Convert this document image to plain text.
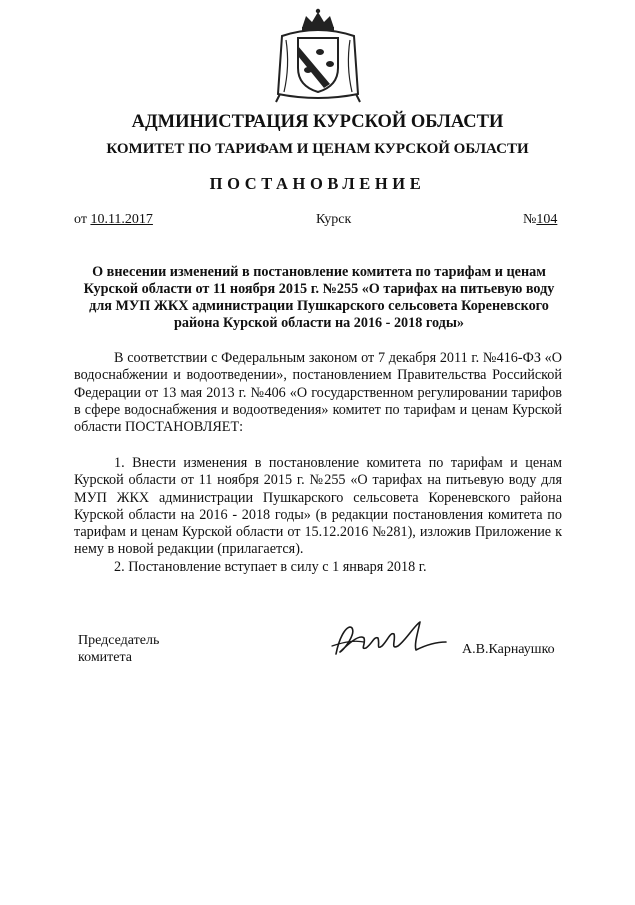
АДМИНИСТРАЦИЯ КУРСКОЙ ОБЛАСТИ
КОМИТЕТ ПО ТАРИФАМ И ЦЕНАМ КУРСКОЙ ОБЛАСТИ
ПОСТАНОВЛЕНИЕ
от 10.11.2017	Курск	№104
О внесении изменений в постановление комитета по тарифам и ценам Курской области от 11 ноября 2015 г. №255 «О тарифах на питьевую воду для МУП ЖКХ администрации Пушкарского сельсовета Кореневского района Курской области на 2016 - 2018 годы»

В соответствии с Федеральным законом от 7 декабря 2011 г. №416-ФЗ «О водоснабжении и водоотведении», постановлением Правительства Российской Федерации от 13 мая 2013 г. №406 «О государственном регулировании тарифов в сфере водоснабжения и водоотведения» комитет по тарифам и ценам Курской области ПОСТАНОВЛЯЕТ:

1. Внести изменения в постановление комитета по тарифам и ценам Курской области от 11 ноября 2015 г. №255 «О тарифах на питьевую воду для МУП ЖКХ администрации Пушкарского сельсовета Кореневского района Курской области на 2016 - 2018 годы» (в редакции постановления комитета по тарифам и ценам Курской области от 15.12.2016 №281), изложив Приложение к нему в новой редакции (прилагается).

2. Постановление вступает в силу с 1 января 2018 г.

Председатель
комитета
А.В.Карнаушко
